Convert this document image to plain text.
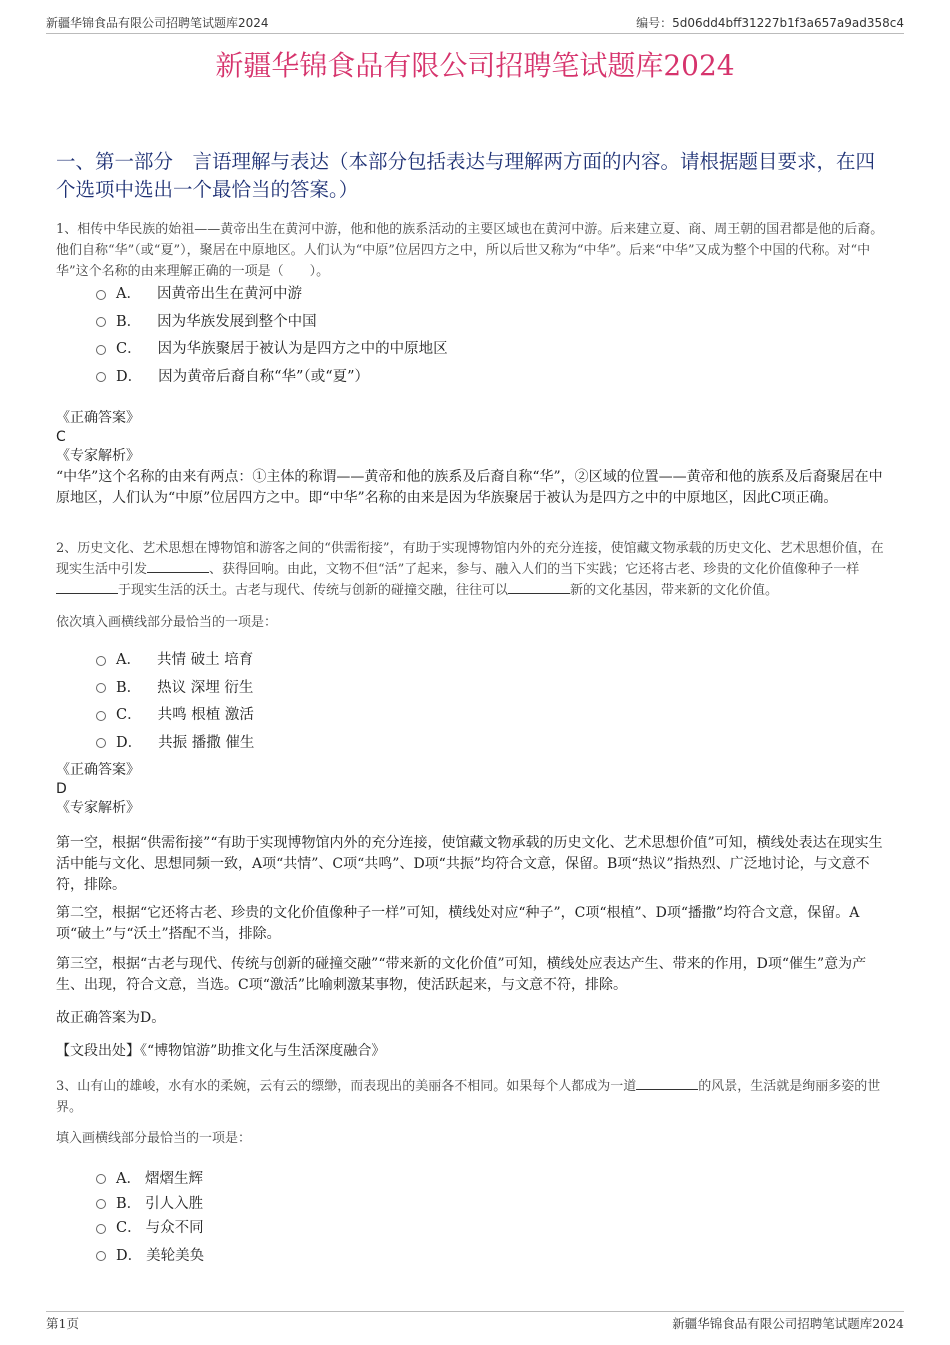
新疆华锦食品有限公司招聘笔试题库2024	编号：5d06dd4bff31227b1f3a657a9ad358c4
新疆华锦食品有限公司招聘笔试题库2024
一、第一部分　言语理解与表达（本部分包括表达与理解两方面的内容。请根据题目要求，在四个选项中选出一个最恰当的答案。）
1、相传中华民族的始祖——黄帝出生在黄河中游，他和他的族系活动的主要区域也在黄河中游。后来建立夏、商、周王朝的国君都是他的后裔。他们自称“华”（或“夏”），聚居在中原地区。人们认为“中原”位居四方之中，所以后世又称为“中华”。后来“中华”又成为整个中国的代称。对“中华”这个名称的由来理解正确的一项是（　　）。
A． 因黄帝出生在黄河中游
B． 因为华族发展到整个中国
C． 因为华族聚居于被认为是四方之中的中原地区
D． 因为黄帝后裔自称“华”（或“夏”）
《正确答案》
C
《专家解析》
“中华”这个名称的由来有两点：①主体的称谓——黄帝和他的族系及后裔自称“华”，②区域的位置——黄帝和他的族系及后裔聚居在中原地区，人们认为“中原”位居四方之中。即“中华”名称的由来是因为华族聚居于被认为是四方之中的中原地区，因此C项正确。
2、历史文化、艺术思想在博物馆和游客之间的“供需衔接”，有助于实现博物馆内外的充分连接，使馆藏文物承载的历史文化、艺术思想价值，在现实生活中引发	、获得回响。由此，文物不但“活”了起来，参与、融入人们的当下实践；它还将古老、珍贵的文化价值像种子一样于现实生活的沃土。古老与现代、传统与创新的碰撞交融，往往可以	新的文化基因，带来新的文化价值。
依次填入画横线部分最恰当的一项是：
A． 共情 破土 培育
B． 热议 深埋 衍生
C． 共鸣 根植 激活
D． 共振 播撒 催生
《正确答案》
D
《专家解析》
第一空，根据“供需衔接”“有助于实现博物馆内外的充分连接，使馆藏文物承载的历史文化、艺术思想价值”可知，横线处表达在现实生活中能与文化、思想同频一致，A项“共情”、C项“共鸣”、D项“共振”均符合文意，保留。B项“热议”指热烈、广泛地讨论，与文意不符，排除。
第二空，根据“它还将古老、珍贵的文化价值像种子一样”可知，横线处对应“种子”，C项“根植”、D项“播撒”均符合文意，保留。A项“破土”与“沃土”搭配不当，排除。
第三空，根据“古老与现代、传统与创新的碰撞交融”“带来新的文化价值”可知，横线处应表达产生、带来的作用，D项“催生”意为产生、出现，符合文意，当选。C项“激活”比喻刺激某事物，使活跃起来，与文意不符，排除。
故正确答案为D。
【文段出处】《“博物馆游”助推文化与生活深度融合》
3、山有山的雄峻，水有水的柔婉，云有云的缥缈，而表现出的美丽各不相同。如果每个人都成为一道	的风景，生活就是绚丽多姿的世界。
填入画横线部分最恰当的一项是：
A． 熠熠生辉
B． 引人入胜
C． 与众不同
D． 美轮美奂
第1页	新疆华锦食品有限公司招聘笔试题库2024
